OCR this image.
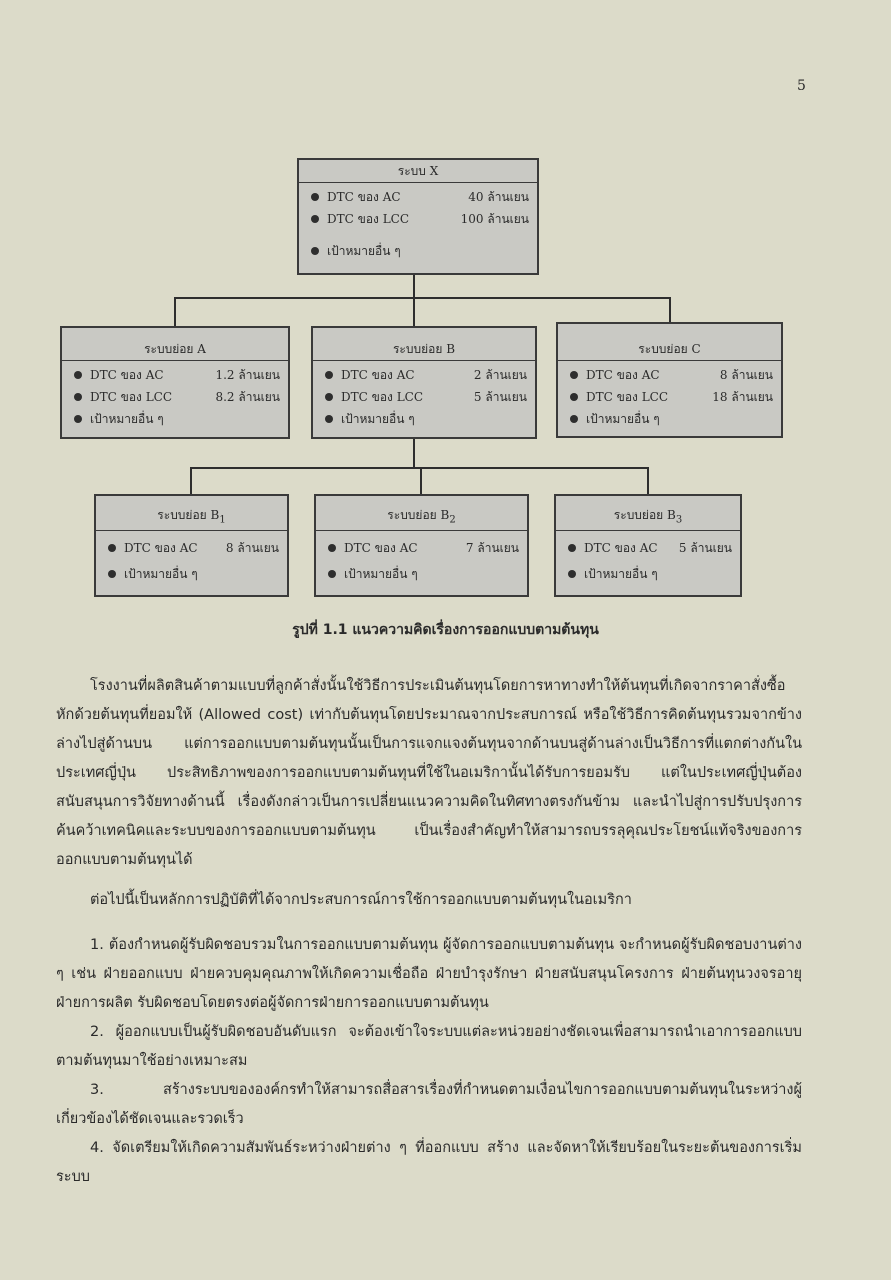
5
ระบบ X
DTC ของ AC	40 ล้านเยน
DTC ของ LCC	100 ล้านเยน
เป้าหมายอื่น ๆ
ระบบย่อย A
DTC ของ AC	1.2 ล้านเยน
DTC ของ LCC	8.2 ล้านเยน
เป้าหมายอื่น ๆ
ระบบย่อย B
DTC ของ AC	2 ล้านเยน
DTC ของ LCC	5 ล้านเยน
เป้าหมายอื่น ๆ
ระบบย่อย C
DTC ของ AC	8 ล้านเยน
DTC ของ LCC	18 ล้านเยน
เป้าหมายอื่น ๆ
ระบบย่อย $B_1$
DTC ของ AC	8 ล้านเยน
เป้าหมายอื่น ๆ
ระบบย่อย $B_2$
DTC ของ AC	7 ล้านเยน
เป้าหมายอื่น ๆ
ระบบย่อย $B_3$
DTC ของ AC	5 ล้านเยน
เป้าหมายอื่น ๆ
รูปที่ 1.1 แนวความคิดเรื่องการออกแบบตามต้นทุน

โรงงานที่ผลิตสินค้าตามแบบที่ลูกค้าสั่งนั้นใช้วิธีการประเมินต้นทุนโดยการหาทางทำให้ต้นทุนที่เกิดจากราคาสั่งซื้อหักด้วยต้นทุนที่ยอมให้ (Allowed cost) เท่ากับต้นทุนโดยประมาณจากประสบการณ์ หรือใช้วิธีการคิดต้นทุนรวมจากข้างล่างไปสู่ด้านบน แต่การออกแบบตามต้นทุนนั้นเป็นการแจกแจงต้นทุนจากด้านบนสู่ด้านล่างเป็นวิธีการที่แตกต่างกันในประเทศญี่ปุ่น ประสิทธิภาพของการออกแบบตามต้นทุนที่ใช้ในอเมริกานั้นได้รับการยอมรับ แต่ในประเทศญี่ปุ่นต้องสนับสนุนการวิจัยทางด้านนี้ เรื่องดังกล่าวเป็นการเปลี่ยนแนวความคิดในทิศทางตรงกันข้าม และนำไปสู่การปรับปรุงการค้นคว้าเทคนิคและระบบของการออกแบบตามต้นทุน เป็นเรื่องสำคัญทำให้สามารถบรรลุคุณประโยชน์แท้จริงของการออกแบบตามต้นทุนได้

ต่อไปนี้เป็นหลักการปฏิบัติที่ได้จากประสบการณ์การใช้การออกแบบตามต้นทุนในอเมริกา

1. ต้องกำหนดผู้รับผิดชอบรวมในการออกแบบตามต้นทุน ผู้จัดการออกแบบตามต้นทุน จะกำหนดผู้รับผิดชอบงานต่าง ๆ เช่น ฝ่ายออกแบบ ฝ่ายควบคุมคุณภาพให้เกิดความเชื่อถือ ฝ่ายบำรุงรักษา ฝ่ายสนับสนุนโครงการ ฝ่ายต้นทุนวงจรอายุ ฝ่ายการผลิต รับผิดชอบโดยตรงต่อผู้จัดการฝ่ายการออกแบบตามต้นทุน

2. ผู้ออกแบบเป็นผู้รับผิดชอบอันดับแรก จะต้องเข้าใจระบบแต่ละหน่วยอย่างชัดเจนเพื่อสามารถนำเอาการออกแบบตามต้นทุนมาใช้อย่างเหมาะสม

3. สร้างระบบขององค์กรทำให้สามารถสื่อสารเรื่องที่กำหนดตามเงื่อนไขการออกแบบตามต้นทุนในระหว่างผู้เกี่ยวข้องได้ชัดเจนและรวดเร็ว

4. จัดเตรียมให้เกิดความสัมพันธ์ระหว่างฝ่ายต่าง ๆ ที่ออกแบบ สร้าง และจัดหาให้เรียบร้อยในระยะต้นของการเริ่มระบบ
